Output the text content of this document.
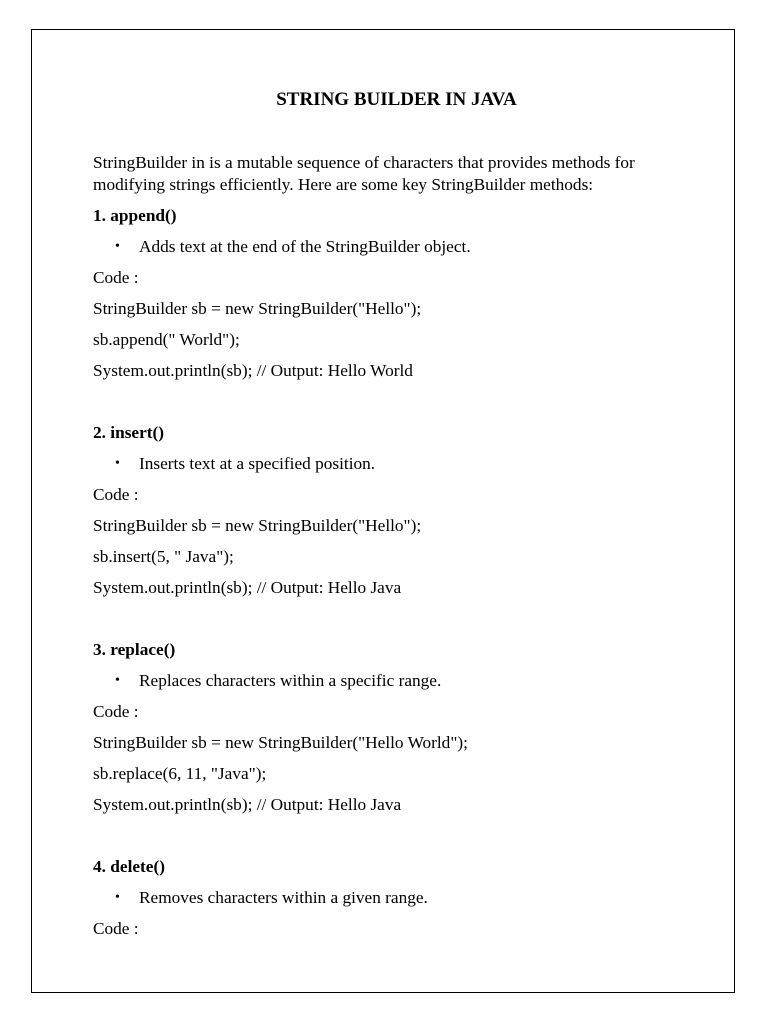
STRING BUILDER IN JAVA
StringBuilder in is a mutable sequence of characters that provides methods for
modifying strings efficiently. Here are some key StringBuilder methods:

1. append()

• Adds text at the end of the StringBuilder object.

Code :

StringBuilder sb = new StringBuilder("Hello");

sb.append(" World");

System.out.println(sb); // Output: Hello World

2. insert()

• Inserts text at a specified position.

Code :

StringBuilder sb = new StringBuilder("Hello");

sb.insert(5, " Java");

System.out.println(sb); // Output: Hello Java

3. replace()

• Replaces characters within a specific range.

Code :

StringBuilder sb = new StringBuilder("Hello World");

sb.replace(6, 11, "Java");

System.out.println(sb); // Output: Hello Java

4. delete()

• Removes characters within a given range.

Code :
